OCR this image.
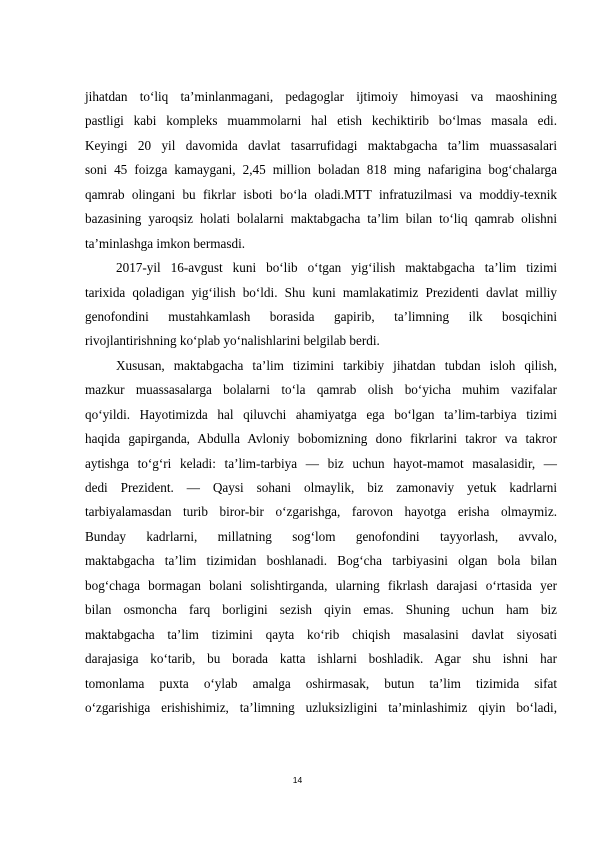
jihatdan to‘liq ta’minlanmagani, pedagoglar ijtimoiy himoyasi va maoshining
pastligi kabi kompleks muammolarni hal etish kechiktirib bo‘lmas masala edi.
Keyingi 20 yil davomida davlat tasarrufidagi maktabgacha ta’lim muassasalari
soni 45 foizga kamaygani, 2,45 million boladan 818 ming nafarigina bog‘chalarga
qamrab olingani bu fikrlar isboti bo‘la oladi.MTT infratuzilmasi va moddiy-texnik
bazasining yaroqsiz holati bolalarni maktabgacha ta’lim bilan to‘liq qamrab olishni
ta’minlashga imkon bermasdi.
2017-yil 16-avgust kuni bo‘lib o‘tgan yig‘ilish maktabgacha ta’lim tizimi
tarixida qoladigan yig‘ilish bo‘ldi. Shu kuni mamlakatimiz Prezidenti davlat milliy
genofondini mustahkamlash borasida gapirib, ta’limning ilk bosqichini
rivojlantirishning ko‘plab yo‘nalishlarini belgilab berdi.
Xususan, maktabgacha ta’lim tizimini tarkibiy jihatdan tubdan isloh qilish,
mazkur muassasalarga bolalarni to‘la qamrab olish bo‘yicha muhim vazifalar
qo‘yildi. Hayotimizda hal qiluvchi ahamiyatga ega bo‘lgan ta’lim-tarbiya tizimi
haqida gapirganda, Abdulla Avloniy bobomizning dono fikrlarini takror va takror
aytishga to‘g‘ri keladi: ta’lim-tarbiya — biz uchun hayot-mamot masalasidir, —
dedi Prezident. — Qaysi sohani olmaylik, biz zamonaviy yetuk kadrlarni
tarbiyalamasdan turib biror-bir o‘zgarishga, farovon hayotga erisha olmaymiz.
Bunday kadrlarni, millatning sog‘lom genofondini tayyorlash, avvalo,
maktabgacha ta’lim tizimidan boshlanadi. Bog‘cha tarbiyasini olgan bola bilan
bog‘chaga bormagan bolani solishtirganda, ularning fikrlash darajasi o‘rtasida yer
bilan osmoncha farq borligini sezish qiyin emas. Shuning uchun ham biz
maktabgacha ta’lim tizimini qayta ko‘rib chiqish masalasini davlat siyosati
darajasiga ko‘tarib, bu borada katta ishlarni boshladik. Agar shu ishni har
tomonlama puxta o‘ylab amalga oshirmasak, butun ta’lim tizimida sifat
o‘zgarishiga erishishimiz, ta’limning uzluksizligini ta’minlashimiz qiyin bo‘ladi,
14
